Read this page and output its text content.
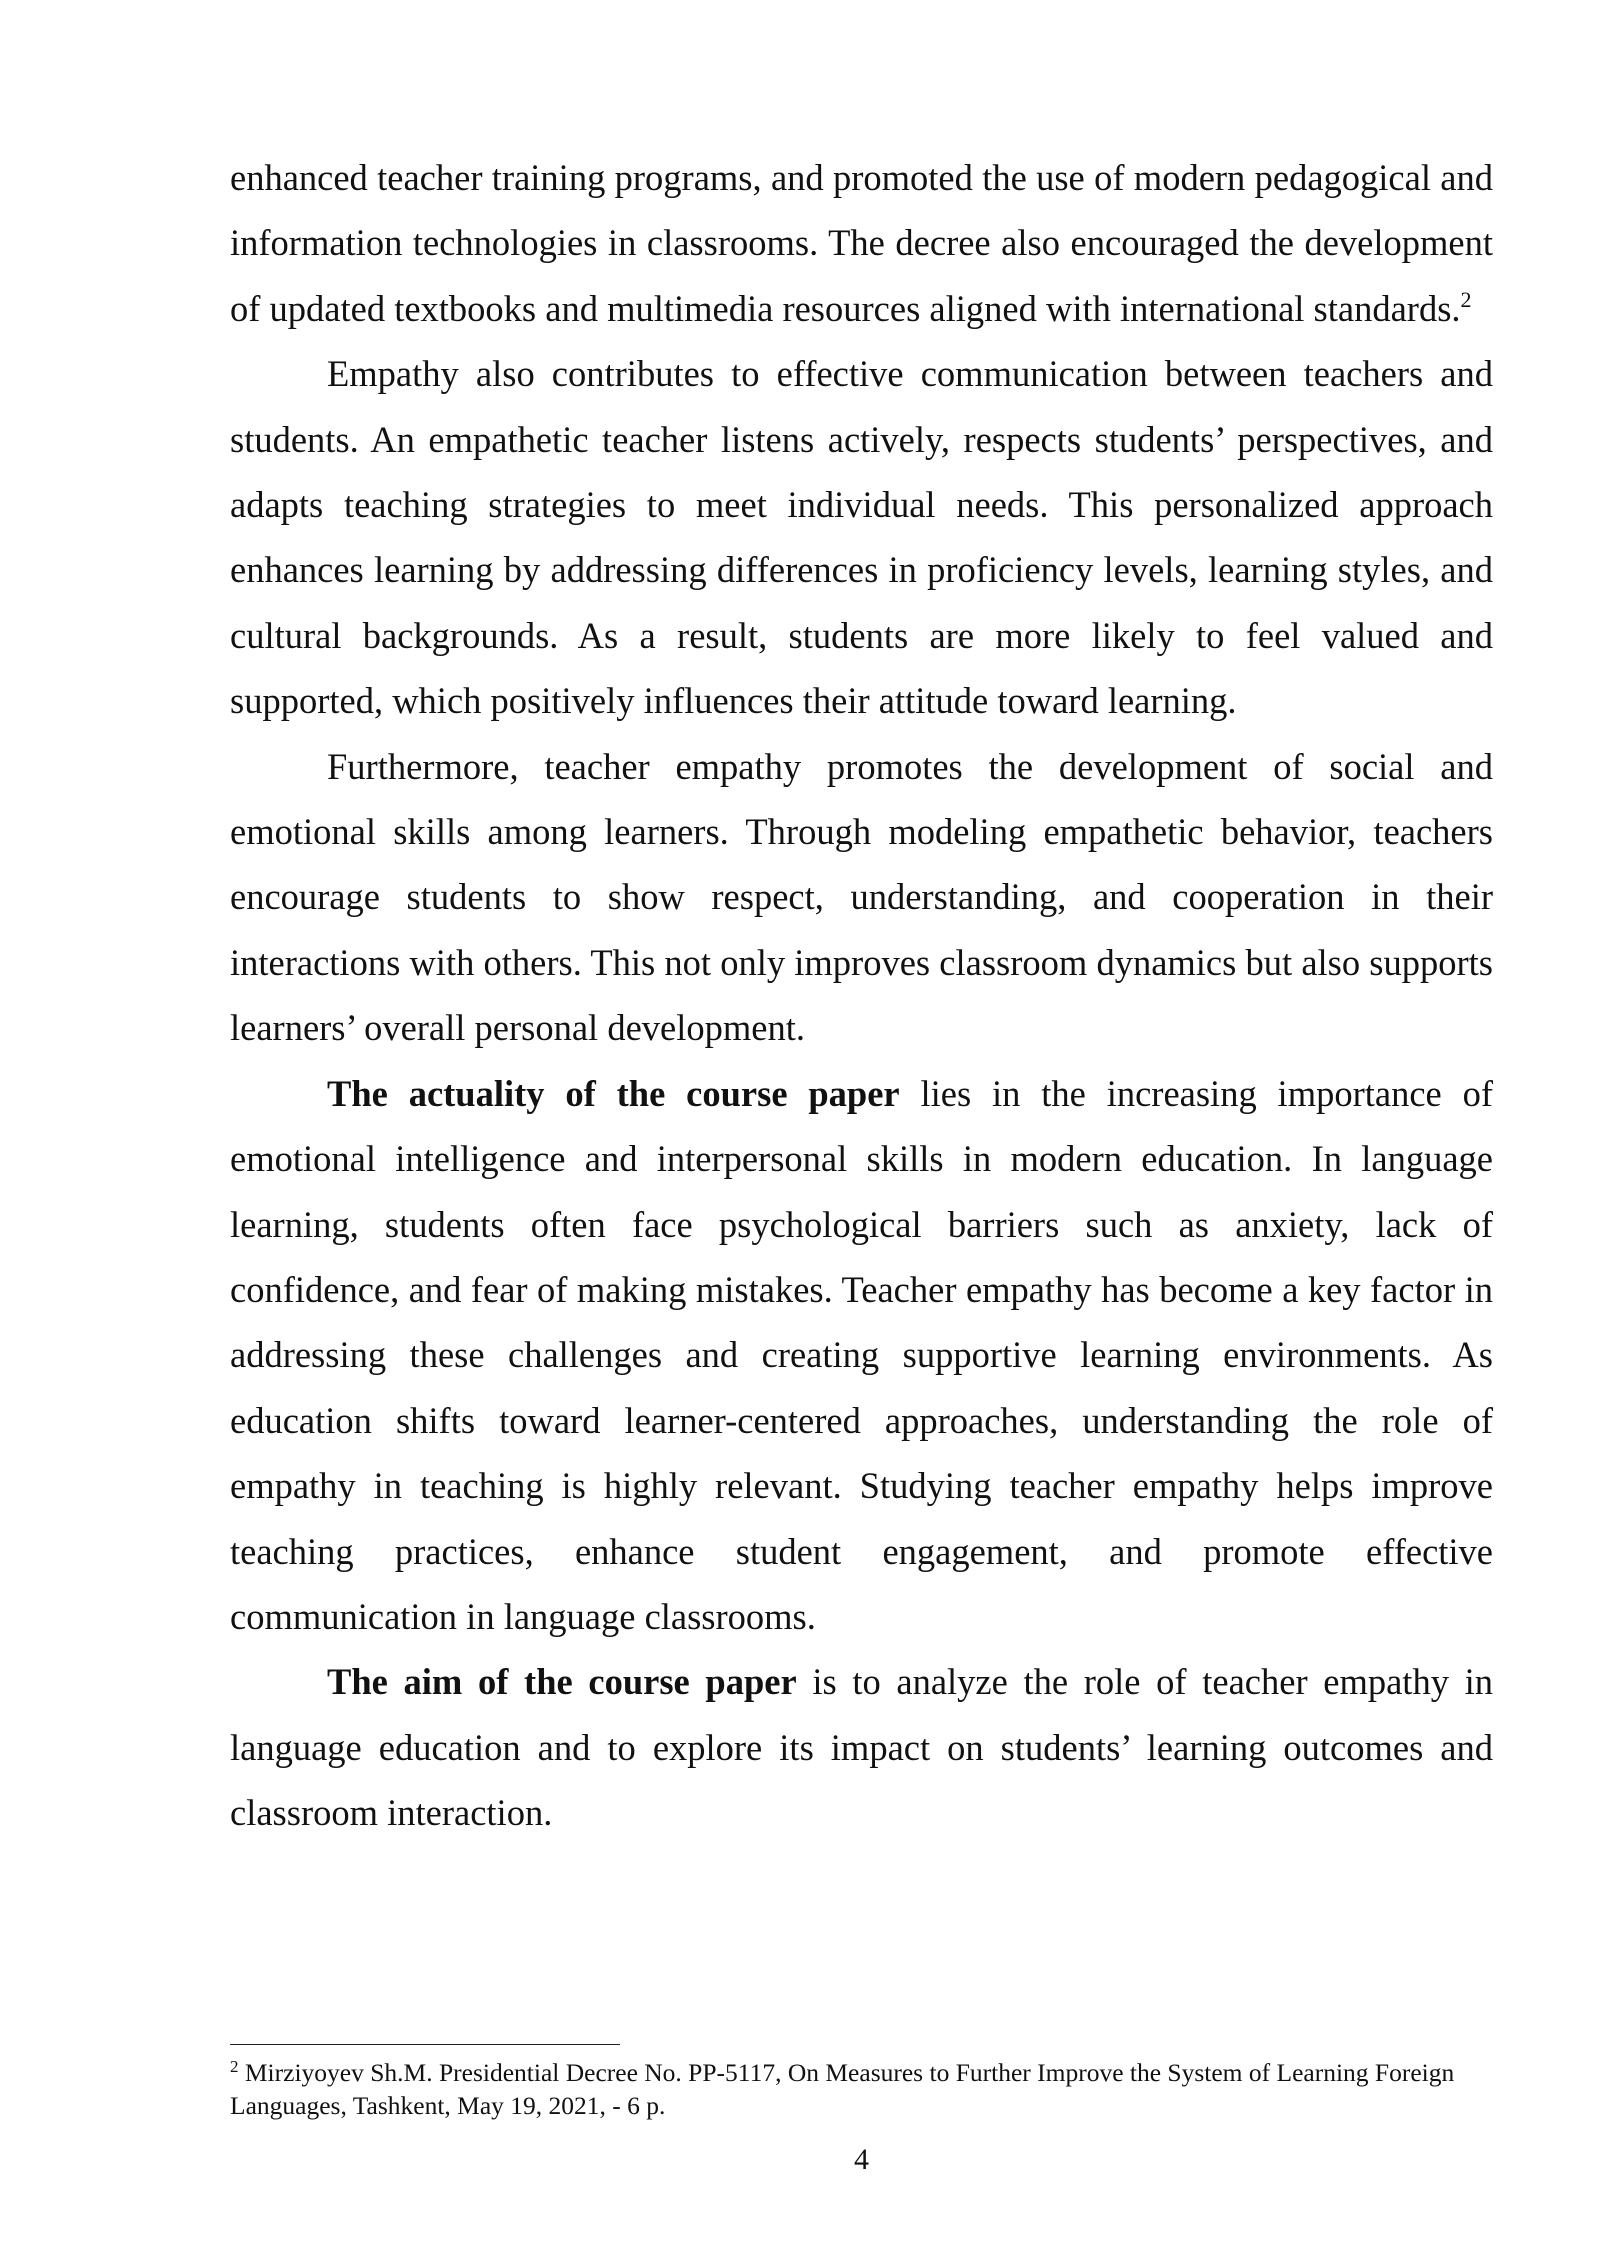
enhanced teacher training programs, and promoted the use of modern pedagogical and information technologies in classrooms. The decree also encouraged the development of updated textbooks and multimedia resources aligned with international standards.$^2$

Empathy also contributes to effective communication between teachers and students. An empathetic teacher listens actively, respects students’ perspectives, and adapts teaching strategies to meet individual needs. This personalized approach enhances learning by addressing differences in proficiency levels, learning styles, and cultural backgrounds. As a result, students are more likely to feel valued and supported, which positively influences their attitude toward learning.

Furthermore, teacher empathy promotes the development of social and emotional skills among learners. Through modeling empathetic behavior, teachers encourage students to show respect, understanding, and cooperation in their interactions with others. This not only improves classroom dynamics but also supports learners’ overall personal development.

The actuality of the course paper lies in the increasing importance of emotional intelligence and interpersonal skills in modern education. In language learning, students often face psychological barriers such as anxiety, lack of confidence, and fear of making mistakes. Teacher empathy has become a key factor in addressing these challenges and creating supportive learning environments. As education shifts toward learner-centered approaches, understanding the role of empathy in teaching is highly relevant. Studying teacher empathy helps improve teaching practices, enhance student engagement, and promote effective communication in language classrooms.

The aim of the course paper is to analyze the role of teacher empathy in language education and to explore its impact on students’ learning outcomes and classroom interaction.

$^2$ Mirziyoyev Sh.M. Presidential Decree No. PP-5117, On Measures to Further Improve the System of Learning Foreign Languages, Tashkent, May 19, 2021, - 6 p.

4
